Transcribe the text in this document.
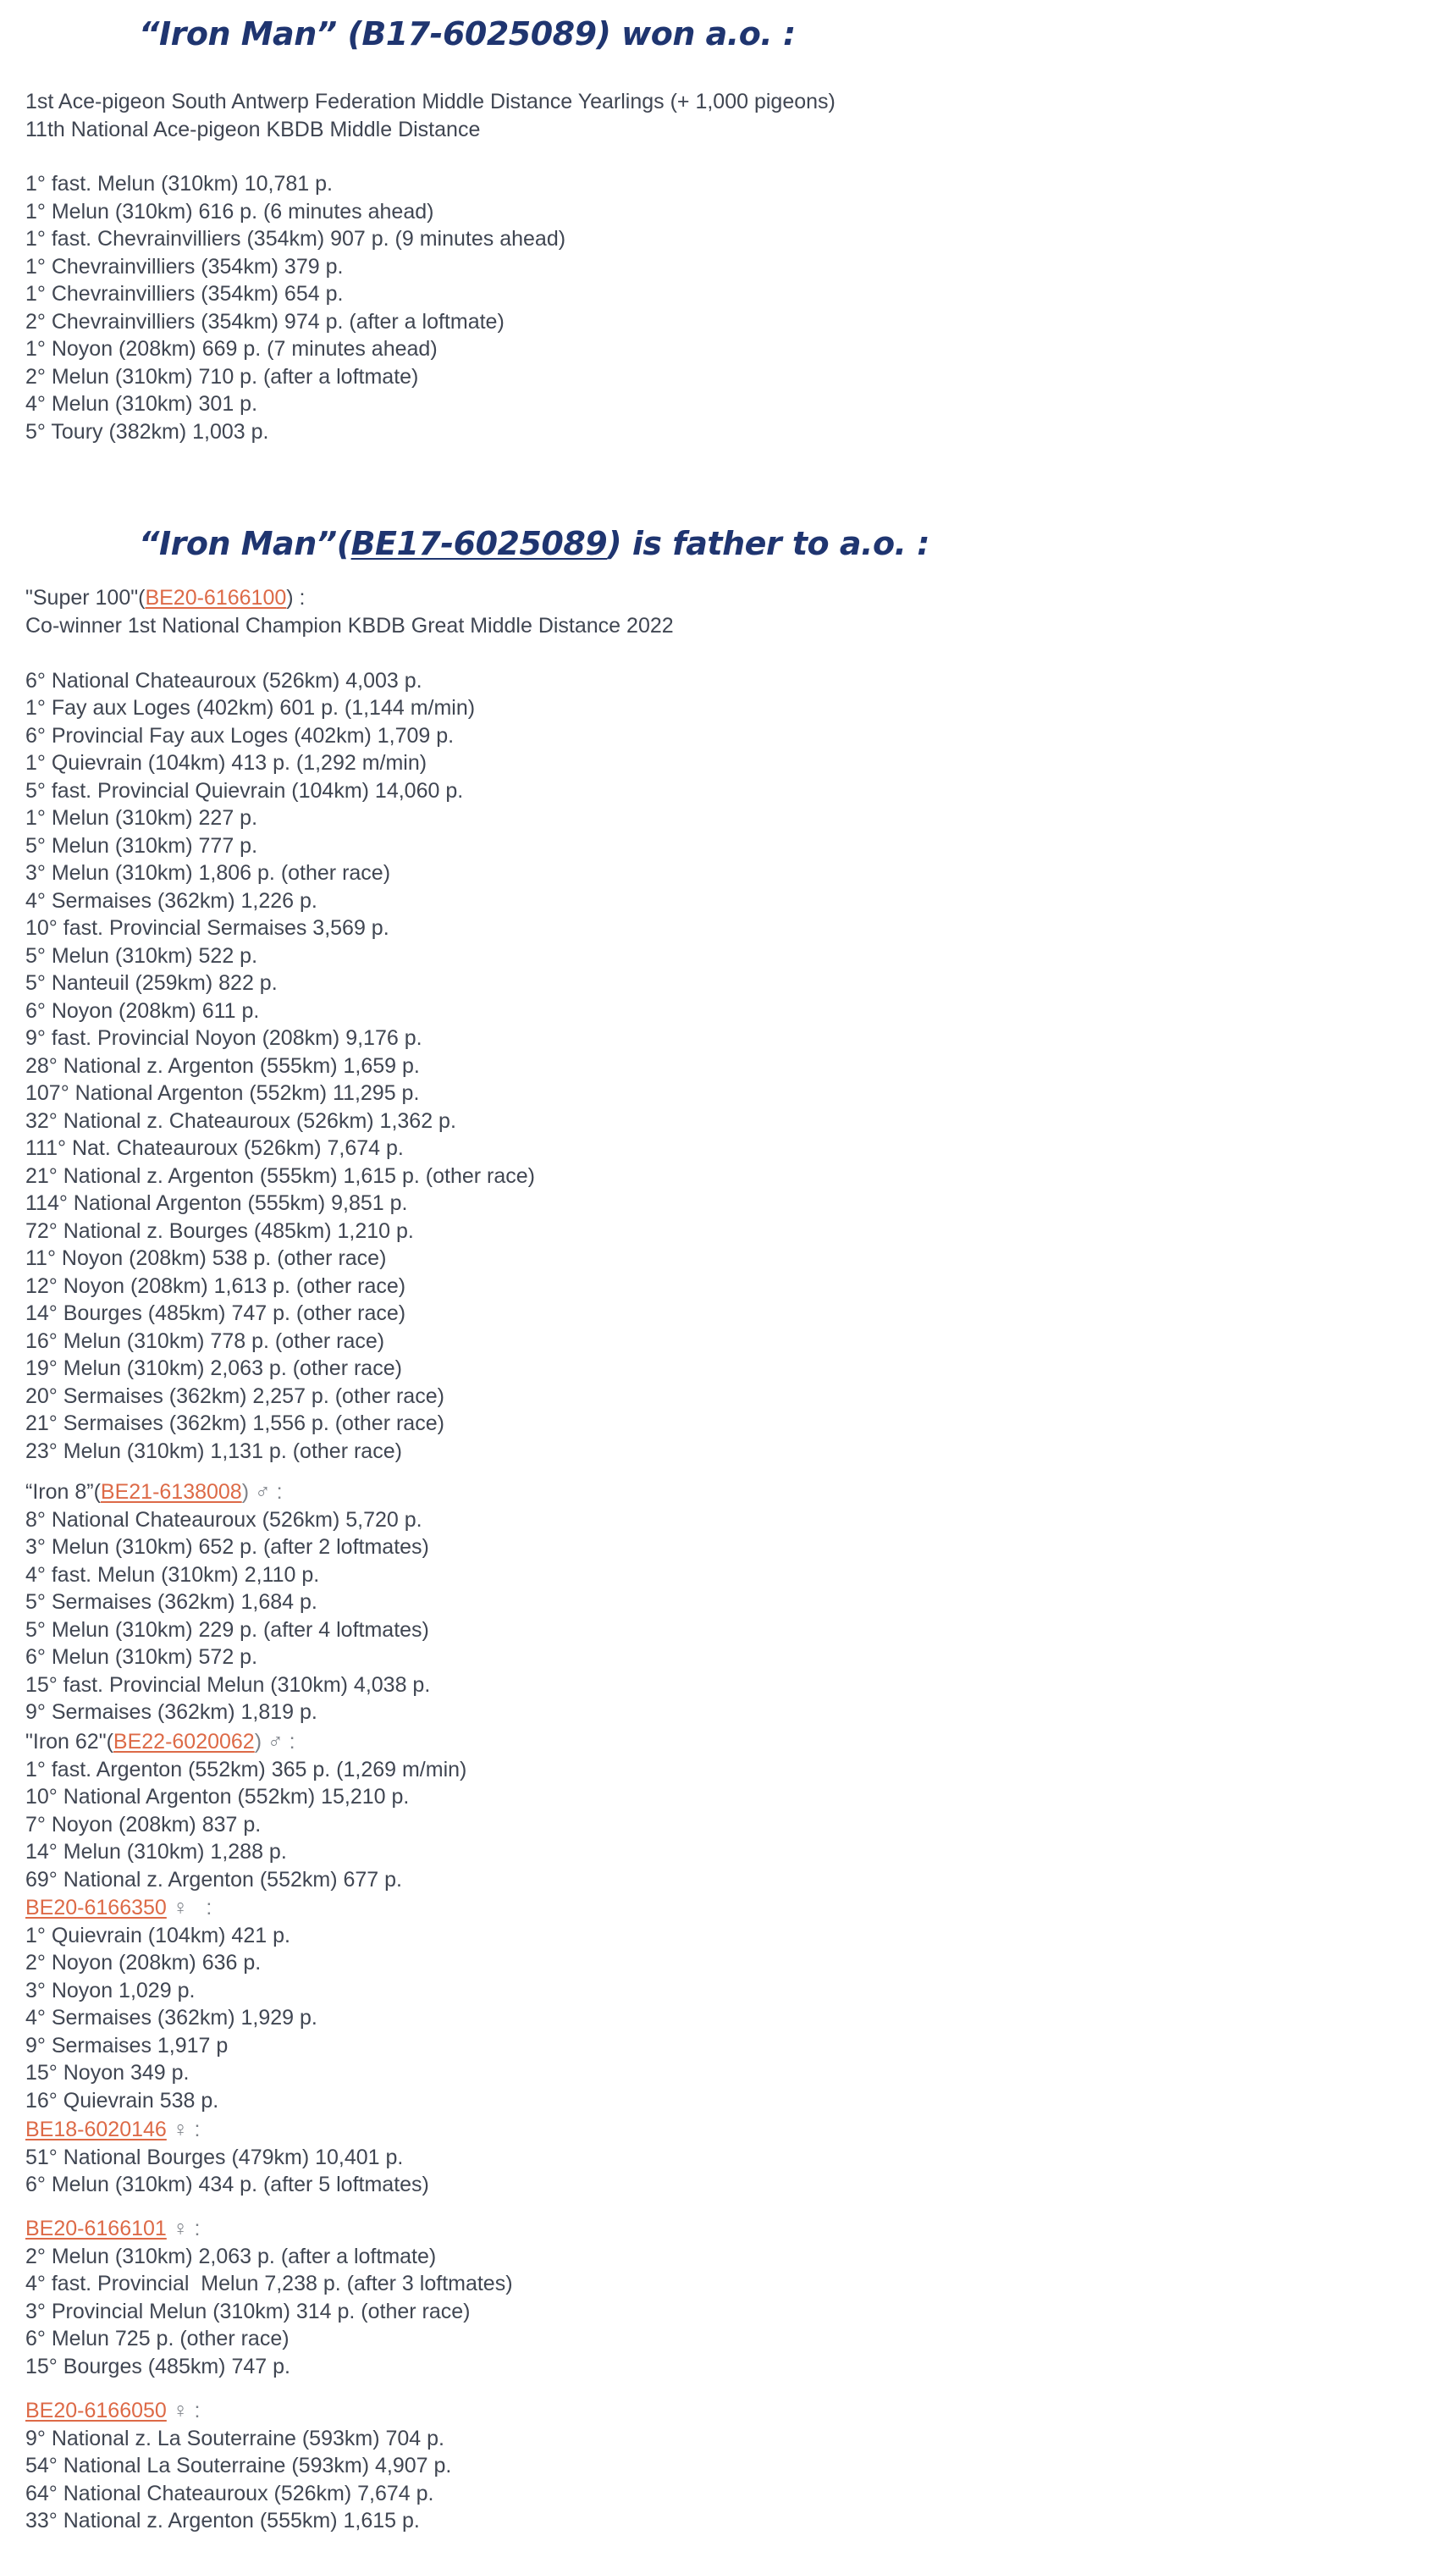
“Iron Man” (B17-6025089) won a.o. :
1st Ace-pigeon South Antwerp Federation Middle Distance Yearlings (+ 1,000 pigeons)
11th National Ace-pigeon KBDB Middle Distance
1° fast. Melun (310km) 10,781 p.
1° Melun (310km) 616 p. (6 minutes ahead)
1° fast. Chevrainvilliers (354km) 907 p. (9 minutes ahead)
1° Chevrainvilliers (354km) 379 p.
1° Chevrainvilliers (354km) 654 p.
2° Chevrainvilliers (354km) 974 p. (after a loftmate)
1° Noyon (208km) 669 p. (7 minutes ahead)
2° Melun (310km) 710 p. (after a loftmate)
4° Melun (310km) 301 p.
5° Toury (382km) 1,003 p.
“Iron Man”(BE17-6025089) is father to a.o. :
"Super 100"(BE20-6166100) :
Co-winner 1st National Champion KBDB Great Middle Distance 2022

6° National Chateauroux (526km) 4,003 p.
1° Fay aux Loges (402km) 601 p. (1,144 m/min)
6° Provincial Fay aux Loges (402km) 1,709 p.
1° Quievrain (104km) 413 p. (1,292 m/min)
5° fast. Provincial Quievrain (104km) 14,060 p.
1° Melun (310km) 227 p.
5° Melun (310km) 777 p.
3° Melun (310km) 1,806 p. (other race)
4° Sermaises (362km) 1,226 p.
10° fast. Provincial Sermaises 3,569 p.
5° Melun (310km) 522 p.
5° Nanteuil (259km) 822 p.
6° Noyon (208km) 611 p.
9° fast. Provincial Noyon (208km) 9,176 p.
28° National z. Argenton (555km) 1,659 p.
107° National Argenton (552km) 11,295 p.
32° National z. Chateauroux (526km) 1,362 p.
111° Nat. Chateauroux (526km) 7,674 p.
21° National z. Argenton (555km) 1,615 p. (other race)
114° National Argenton (555km) 9,851 p.
72° National z. Bourges (485km) 1,210 p.
11° Noyon (208km) 538 p. (other race)
12° Noyon (208km) 1,613 p. (other race)
14° Bourges (485km) 747 p. (other race)
16° Melun (310km) 778 p. (other race)
19° Melun (310km) 2,063 p. (other race)
20° Sermaises (362km) 2,257 p. (other race)
21° Sermaises (362km) 1,556 p. (other race)
23° Melun (310km) 1,131 p. (other race)
“Iron 8”(BE21-6138008) ♂ :
8° National Chateauroux (526km) 5,720 p.
3° Melun (310km) 652 p. (after 2 loftmates)
4° fast. Melun (310km) 2,110 p.
5° Sermaises (362km) 1,684 p.
5° Melun (310km) 229 p. (after 4 loftmates)
6° Melun (310km) 572 p.
15° fast. Provincial Melun (310km) 4,038 p.
9° Sermaises (362km) 1,819 p.
"Iron 62"(BE22-6020062) ♂ :
1° fast. Argenton (552km) 365 p. (1,269 m/min)
10° National Argenton (552km) 15,210 p.
7° Noyon (208km) 837 p.
14° Melun (310km) 1,288 p.
69° National z. Argenton (552km) 677 p.
BE20-6166350 ♀   :
1° Quievrain (104km) 421 p.
2° Noyon (208km) 636 p.
3° Noyon 1,029 p.
4° Sermaises (362km) 1,929 p.
9° Sermaises 1,917 p
15° Noyon 349 p.
16° Quievrain 538 p.
BE18-6020146 ♀ :
51° National Bourges (479km) 10,401 p.
6° Melun (310km) 434 p. (after 5 loftmates)
BE20-6166101 ♀ :
2° Melun (310km) 2,063 p. (after a loftmate)
4° fast. Provincial  Melun 7,238 p. (after 3 loftmates)
3° Provincial Melun (310km) 314 p. (other race)
6° Melun 725 p. (other race)
15° Bourges (485km) 747 p.
BE20-6166050 ♀ :
9° National z. La Souterraine (593km) 704 p.
54° National La Souterraine (593km) 4,907 p.
64° National Chateauroux (526km) 7,674 p.
33° National z. Argenton (555km) 1,615 p.
